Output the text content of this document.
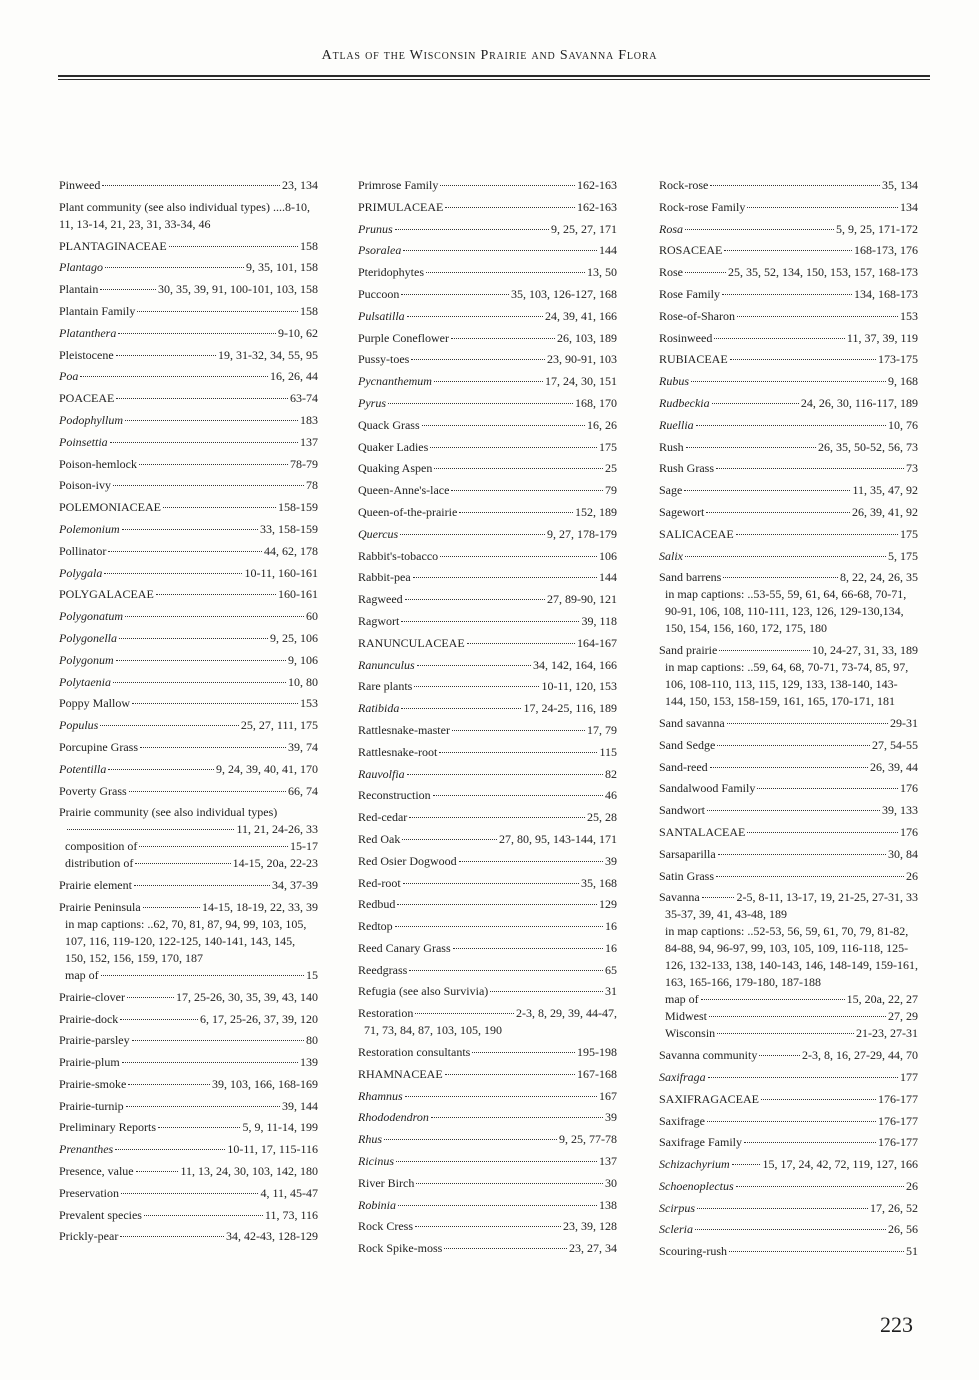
Atlas of the Wisconsin Prairie and Savanna Flora
Pinweed	23, 134
Plant community (see also individual types) ....8-10, 11, 13-14, 21, 23, 31, 33-34, 46
PLANTAGINACEAE	158
Plantago	9, 35, 101, 158
Plantain	30, 35, 39, 91, 100-101, 103, 158
Plantain Family	158
Platanthera	9-10, 62
Pleistocene	19, 31-32, 34, 55, 95
Poa	16, 26, 44
POACEAE	63-74
Podophyllum	183
Poinsettia	137
Poison-hemlock	78-79
Poison-ivy	78
POLEMONIACEAE	158-159
Polemonium	33, 158-159
Pollinator	44, 62, 178
Polygala	10-11, 160-161
POLYGALACEAE	160-161
Polygonatum	60
Polygonella	9, 25, 106
Polygonum	9, 106
Polytaenia	10, 80
Poppy Mallow	153
Populus	25, 27, 111, 175
Porcupine Grass	39, 74
Potentilla	9, 24, 39, 40, 41, 170
Poverty Grass	66, 74
Prairie community (see also individual types)
11, 21, 24-26, 33
composition of	15-17
distribution of	14-15, 20a, 22-23
Prairie element	34, 37-39
Prairie Peninsula	14-15, 18-19, 22, 33, 39
in map captions: ..62, 70, 81, 87, 94, 99, 103, 105, 107, 116, 119-120, 122-125, 140-141, 143, 145, 150, 152, 156, 159, 170, 187
map of	15
Prairie-clover	17, 25-26, 30, 35, 39, 43, 140
Prairie-dock	6, 17, 25-26, 37, 39, 120
Prairie-parsley	80
Prairie-plum	139
Prairie-smoke	39, 103, 166, 168-169
Prairie-turnip	39, 144
Preliminary Reports	5, 9, 11-14, 199
Prenanthes	10-11, 17, 115-116
Presence, value	11, 13, 24, 30, 103, 142, 180
Preservation	4, 11, 45-47
Prevalent species	11, 73, 116
Prickly-pear	34, 42-43, 128-129
Primrose Family	162-163
PRIMULACEAE	162-163
Prunus	9, 25, 27, 171
Psoralea	144
Pteridophytes	13, 50
Puccoon	35, 103, 126-127, 168
Pulsatilla	24, 39, 41, 166
Purple Coneflower	26, 103, 189
Pussy-toes	23, 90-91, 103
Pycnanthemum	17, 24, 30, 151
Pyrus	168, 170
Quack Grass	16, 26
Quaker Ladies	175
Quaking Aspen	25
Queen-Anne's-lace	79
Queen-of-the-prairie	152, 189
Quercus	9, 27, 178-179
Rabbit's-tobacco	106
Rabbit-pea	144
Ragweed	27, 89-90, 121
Ragwort	39, 118
RANUNCULACEAE	164-167
Ranunculus	34, 142, 164, 166
Rare plants	10-11, 120, 153
Ratibida	17, 24-25, 116, 189
Rattlesnake-master	17, 79
Rattlesnake-root	115
Rauvolfia	82
Reconstruction	46
Red-cedar	25, 28
Red Oak	27, 80, 95, 143-144, 171
Red Osier Dogwood	39
Red-root	35, 168
Redbud	129
Redtop	16
Reed Canary Grass	16
Reedgrass	65
Refugia (see also Survivia)	31
Restoration	2-3, 8, 29, 39, 44-47,
71, 73, 84, 87, 103, 105, 190
Restoration consultants	195-198
RHAMNACEAE	167-168
Rhamnus	167
Rhododendron	39
Rhus	9, 25, 77-78
Ricinus	137
River Birch	30
Robinia	138
Rock Cress	23, 39, 128
Rock Spike-moss	23, 27, 34
Rock-rose	35, 134
Rock-rose Family	134
Rosa	5, 9, 25, 171-172
ROSACEAE	168-173, 176
Rose	25, 35, 52, 134, 150, 153, 157, 168-173
Rose Family	134, 168-173
Rose-of-Sharon	153
Rosinweed	11, 37, 39, 119
RUBIACEAE	173-175
Rubus	9, 168
Rudbeckia	24, 26, 30, 116-117, 189
Ruellia	10, 76
Rush	26, 35, 50-52, 56, 73
Rush Grass	73
Sage	11, 35, 47, 92
Sagewort	26, 39, 41, 92
SALICACEAE	175
Salix	5, 175
Sand barrens	8, 22, 24, 26, 35
in map captions: ..53-55, 59, 61, 64, 66-68, 70-71, 90-91, 106, 108, 110-111, 123, 126, 129-130,134, 150, 154, 156, 160, 172, 175, 180
Sand prairie	10, 24-27, 31, 33, 189
in map captions: ..59, 64, 68, 70-71, 73-74, 85, 97, 106, 108-110, 113, 115, 129, 133, 138-140, 143-144, 150, 153, 158-159, 161, 165, 170-171, 181
Sand savanna	29-31
Sand Sedge	27, 54-55
Sand-reed	26, 39, 44
Sandalwood Family	176
Sandwort	39, 133
SANTALACEAE	176
Sarsaparilla	30, 84
Satin Grass	26
Savanna	2-5, 8-11, 13-17, 19, 21-25, 27-31, 33
35-37, 39, 41, 43-48, 189
in map captions: ..52-53, 56, 59, 61, 70, 79, 81-82, 84-88, 94, 96-97, 99, 103, 105, 109, 116-118, 125-126, 132-133, 138, 140-143, 146, 148-149, 159-161, 163, 165-166, 179-180, 187-188
map of	15, 20a, 22, 27
Midwest	27, 29
Wisconsin	21-23, 27-31
Savanna community	2-3, 8, 16, 27-29, 44, 70
Saxifraga	177
SAXIFRAGACEAE	176-177
Saxifrage	176-177
Saxifrage Family	176-177
Schizachyrium	15, 17, 24, 42, 72, 119, 127, 166
Schoenoplectus	26
Scirpus	17, 26, 52
Scleria	26, 56
Scouring-rush	51
223
